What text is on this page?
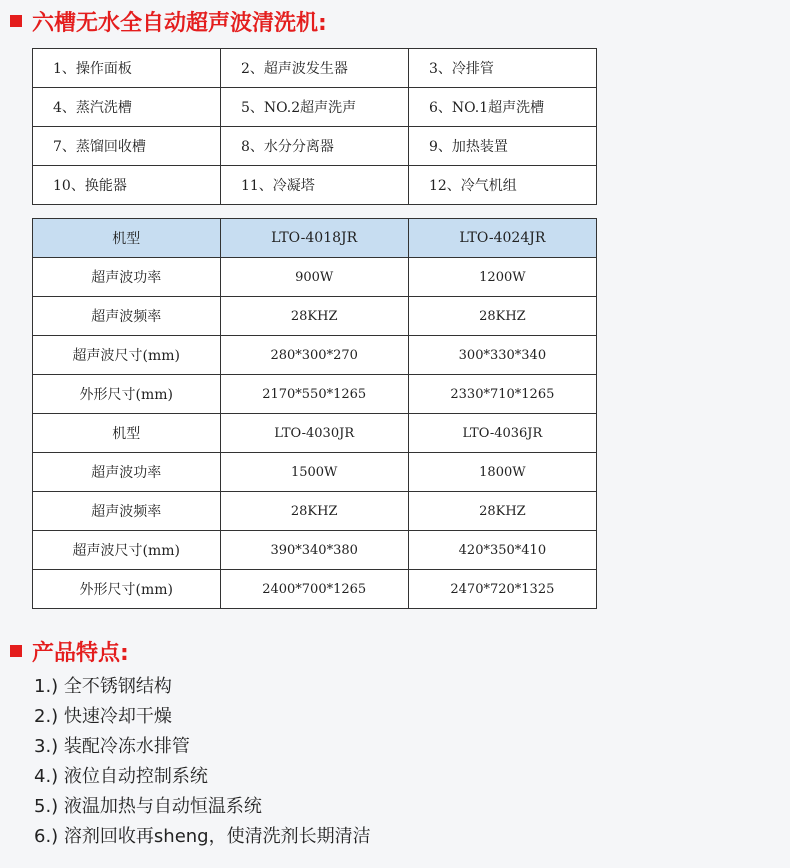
六槽无水全自动超声波清洗机:
1、操作面板	2、超声波发生器	3、冷排管
4、蒸汽洗槽	5、NO.2超声洗声	6、NO.1超声洗槽
7、蒸馏回收槽	8、水分分离器	9、加热装置
10、换能器	11、冷凝塔	12、冷气机组
机型	LTO-4018JR	LTO-4024JR
超声波功率	900W	1200W
超声波频率	28KHZ	28KHZ
超声波尺寸(mm)	280*300*270	300*330*340
外形尺寸(mm)	2170*550*1265	2330*710*1265
机型	LTO-4030JR	LTO-4036JR
超声波功率	1500W	1800W
超声波频率	28KHZ	28KHZ
超声波尺寸(mm)	390*340*380	420*350*410
外形尺寸(mm)	2400*700*1265	2470*720*1325
产品特点:
1.) 全不锈钢结构
2.) 快速冷却干燥
3.) 装配冷冻水排管
4.) 液位自动控制系统
5.) 液温加热与自动恒温系统
6.) 溶剂回收再sheng，使清洗剂长期清洁
